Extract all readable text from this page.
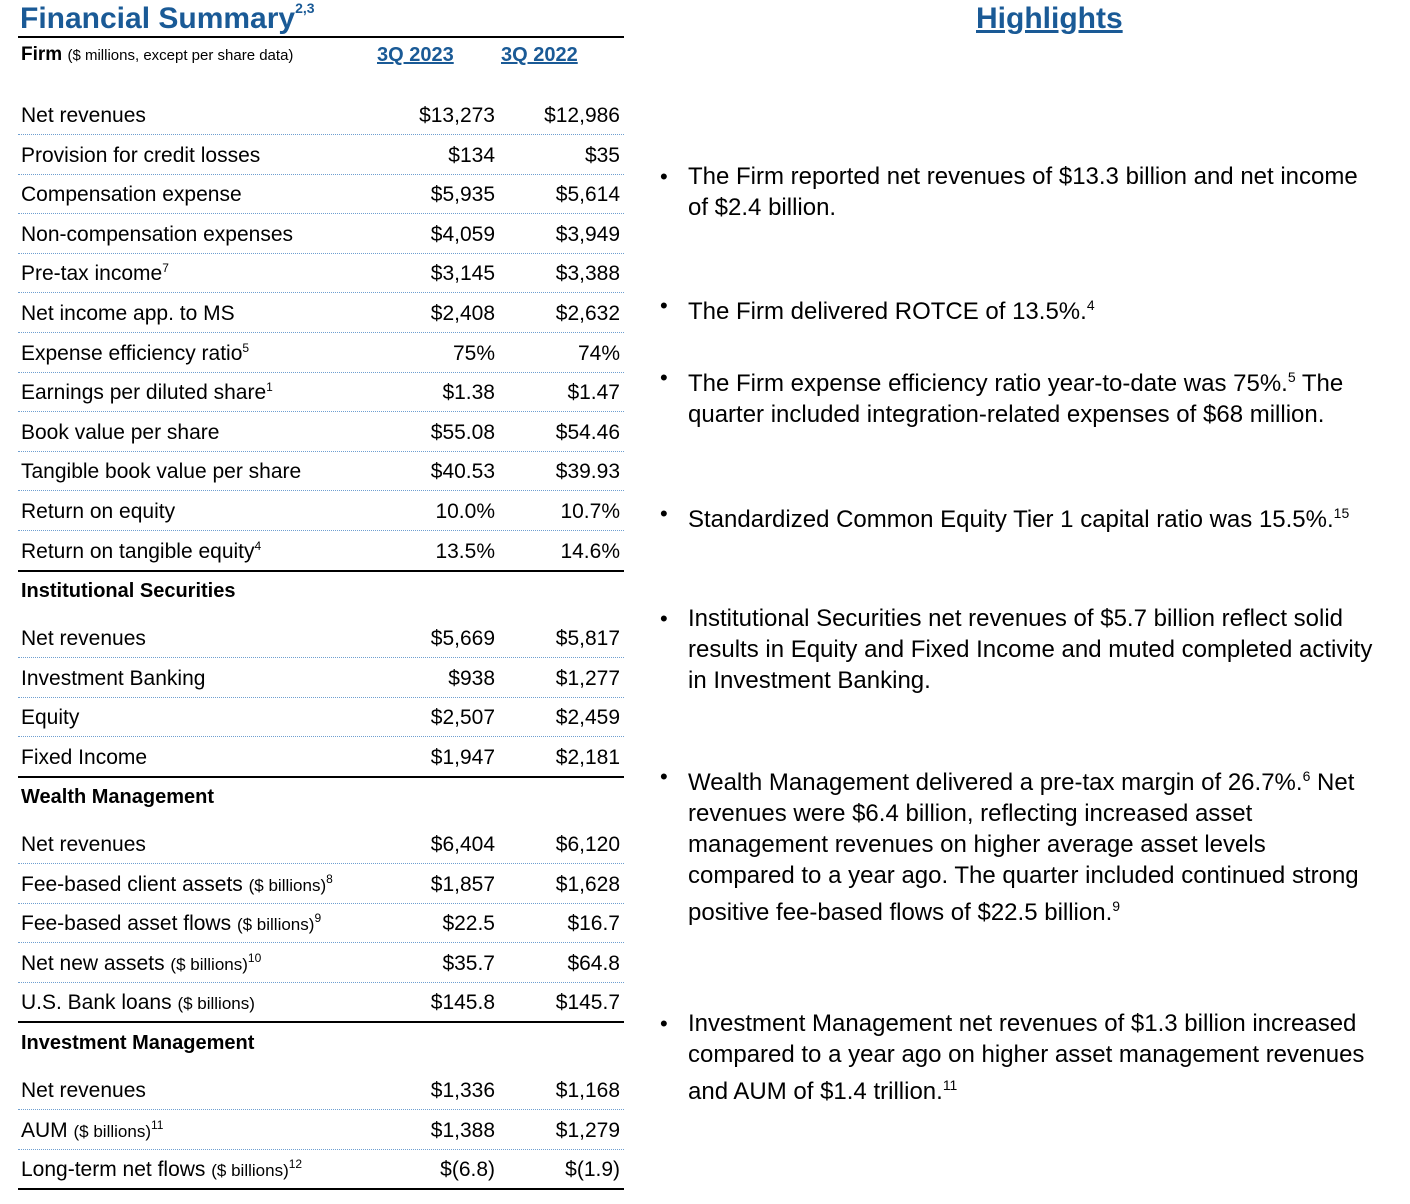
Financial Summary$^{2,3}$
Firm ($ millions, except per share data)	3Q 2023 3Q 2022
Net revenues	$13,273 $12,986
Provision for credit losses	$134	$35
Compensation expense	$5,935	$5,614
Non-compensation expenses	$4,059	$3,949
Pre-tax income$^7$	$3,145	$3,388
Net income app. to MS	$2,408	$2,632
Expense efficiency ratio$^5$	75%	74%
Earnings per diluted share$^1$	$1.38	$1.47
Book value per share	$55.08	$54.46
Tangible book value per share	$40.53	$39.93
Return on equity	10.0%	10.7%
Return on tangible equity$^4$	13.5%	14.6%
Institutional Securities
Net revenues	$5,669	$5,817
Investment Banking	$938	$1,277
Equity	$2,507	$2,459
Fixed Income	$1,947	$2,181
Wealth Management
Net revenues	$6,404	$6,120
Fee-based client assets ($ billions)$^8$	$1,857	$1,628
Fee-based asset flows ($ billions)$^9$	$22.5	$16.7
Net new assets ($ billions)$^{10}$	$35.7	$64.8
U.S. Bank loans ($ billions)	$145.8	$145.7
Investment Management
Net revenues	$1,336	$1,168
AUM ($ billions)$^{11}$	$1,388	$1,279
Long-term net flows ($ billions)$^{12}$	$(6.8)	$(1.9)
Highlights
• The Firm reported net revenues of $13.3 billion and net income of $2.4 billion.
• The Firm delivered ROTCE of 13.5%.$^4$
• The Firm expense efficiency ratio year-to-date was 75%.$^5$ The quarter included integration-related expenses of $68 million.
• Standardized Common Equity Tier 1 capital ratio was 15.5%.$^{15}$
• Institutional Securities net revenues of $5.7 billion reflect solid results in Equity and Fixed Income and muted completed activity in Investment Banking.
• Wealth Management delivered a pre-tax margin of 26.7%.$^6$ Net revenues were $6.4 billion, reflecting increased asset management revenues on higher average asset levels compared to a year ago. The quarter included continued strong positive fee-based flows of $22.5 billion.$^9$
• Investment Management net revenues of $1.3 billion increased compared to a year ago on higher asset management revenues and AUM of $1.4 trillion.$^{11}$
